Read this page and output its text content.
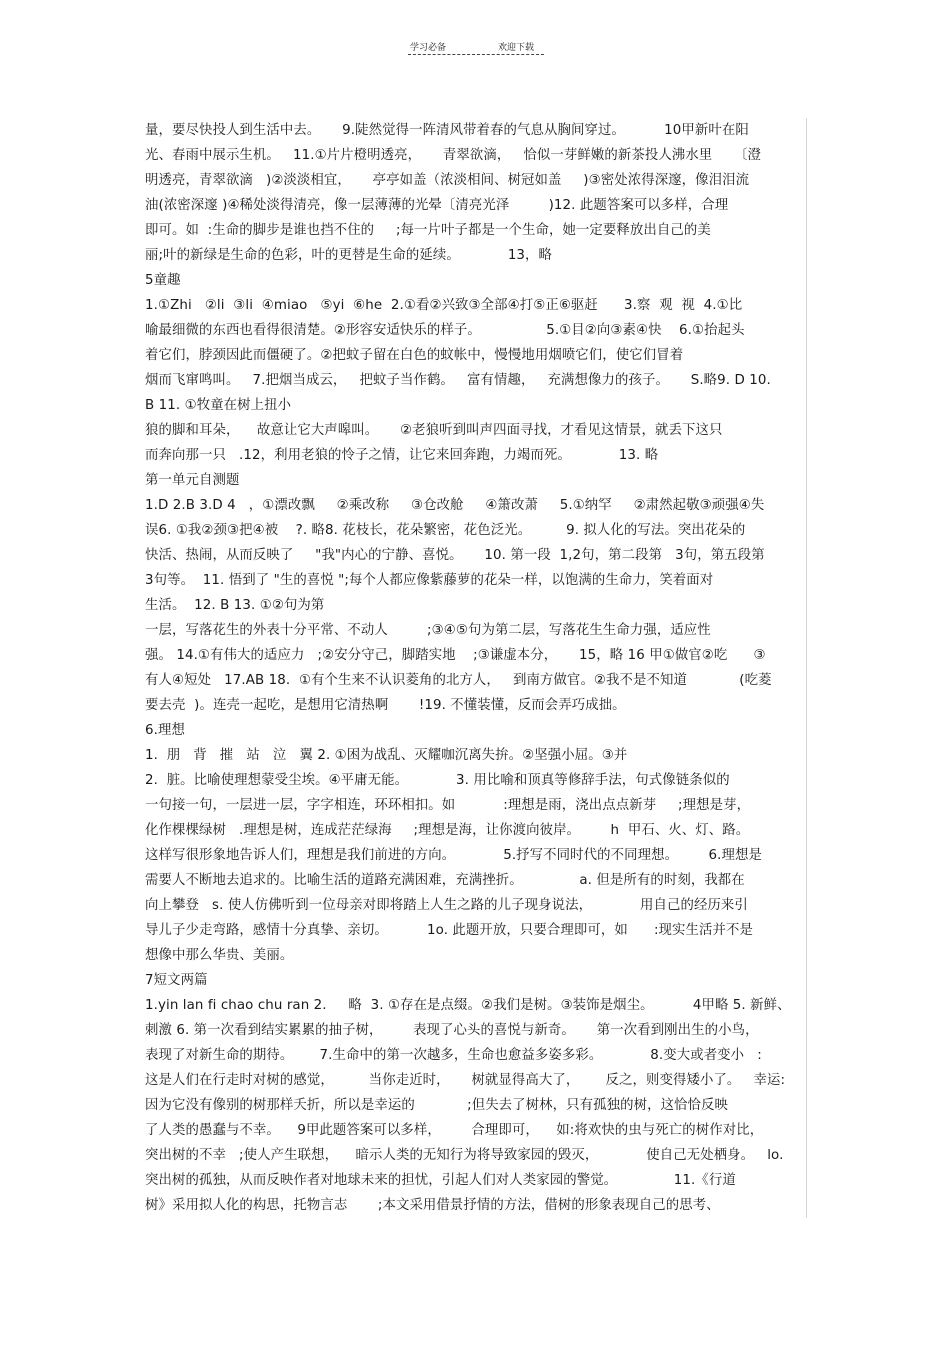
学习必备	欢迎下载
量，要尽快投人到生活中去。     9.陡然觉得一阵清风带着春的气息从胸间穿过。         10甲新叶在阳
光、春雨中展示生机。   11.①片片橙明透亮，     青翠欲滴，   恰似一芽鲜嫩的新茶投人沸水里     〔澄
明透亮，青翠欲滴   )②淡淡相宜，     亭亭如盖（浓淡相间、树冠如盖     )③密处浓得深邃，像泪泪流
油(浓密深邃 )④稀处淡得清亮，像一层薄薄的光晕〔清亮光泽         )12. 此题答案可以多样，合理
即可。如  :生命的脚步是谁也挡不住的     ;每一片叶子都是一个生命，她一定要释放出自己的美
丽;叶的新绿是生命的色彩，叶的更替是生命的延续。           13，略
5童趣
1.①Zhi   ②li  ③li  ④miao   ⑤yi  ⑥he  2.①看②兴致③全部④打⑤正⑥驱赶      3.察  观  视  4.①比
喻最细微的东西也看得很清楚。②形容安适快乐的样子。               5.①目②向③素④快    6.①抬起头
着它们，脖颈因此而僵硬了。②把蚊子留在白色的蚊帐中，慢慢地用烟喷它们，使它们冒着
烟而飞窜鸣叫。   7.把烟当成云，   把蚊子当作鹤。   富有情趣，   充满想像力的孩子。     S.略9. D 10.
B 11. ①牧童在树上扭小
狼的脚和耳朵，    故意让它大声嗥叫。     ②老狼听到叫声四面寻找，才看见这情景，就丢下这只
而奔向那一只   .12，利用老狼的怜子之情，让它来回奔跑，力竭而死。           13. 略
第一单元自测题
1.D 2.B 3.D 4   ，①漂改飘     ②乘改称     ③仓改舱     ④箫改萧     5.①纳罕     ②肃然起敬③顽强④失
误6. ①我②颈③把④被    ?. 略8. 花枝长，花朵繁密，花色泛光。        9. 拟人化的写法。突出花朵的
快活、热闹，从而反映了     "我"内心的宁静、喜悦。     10. 第一段  1,2句，第二段第   3句，第五段第
3句等。  11. 悟到了 "生的喜悦 ";每个人都应像紫藤萝的花朵一样，以饱满的生命力，笑着面对
生活。  12. B 13. ①②句为第
一层，写落花生的外表十分平常、不动人         ;③④⑤句为第二层，写落花生生命力强，适应性
强。 14.①有伟大的适应力   ;②安分守己，脚踏实地    ;③谦虚本分，     15，略 16 甲①做官②吃      ③
有人④短处   17.AB 18.  ①有个生来不认识菱角的北方人，   到南方做官。②我不是不知道            (吃菱
要去壳  )。连壳一起吃，是想用它清热啊       !19. 不懂装懂，反而会弄巧成拙。
6.理想
1.  朋   背   摧   站   泣   翼 2. ①困为战乱、灭耀咖沉离失拚。②坚强小屈。③并
2.  脏。比喻使理想蒙受尘埃。④平庸无能。           3. 用比喻和顶真等修辞手法，句式像链条似的
一句接一句，一层进一层，字字相连，环环相扣。如           :理想是雨，浇出点点新芽     ;理想是芽，
化作棵棵绿树   .理想是树，连成茫茫绿海     ;理想是海，让你渡向彼岸。       h  甲石、火、灯、路。
这样写很形象地告诉人们，理想是我们前进的方向。           5.抒写不同时代的不同理想。       6.理想是
需要人不断地去追求的。比喻生活的道路充满困难，充满挫折。             a. 但是所有的时刻，我都在
向上攀登   s. 使人仿佛听到一位母亲对即将踏上人生之路的儿子现身说法，           用自己的经历来引
导儿子少走弯路，感情十分真挚、亲切。         1o. 此题开放，只要合理即可，如      :现实生活并不是
想像中那么华贵、美丽。
7短文两篇
1.yin lan fi chao chu ran 2.     略  3. ①存在是点缀。②我们是树。③装饰是烟尘。         4甲略 5. 新鲜、
刺激 6. 第一次看到结实累累的抽子树，       表现了心头的喜悦与新奇。     第一次看到刚出生的小鸟，
表现了对新生命的期待。      7.生命中的第一次越多，生命也愈益多姿多彩。           8.变大或者变小   :
这是人们在行走时对树的感觉，        当你走近时，     树就显得高大了，      反之，则变得矮小了。   幸运:
因为它没有像别的树那样夭折，所以是幸运的            ;但失去了树林，只有孤独的树，这恰恰反映
了人类的愚蠢与不幸。    9甲此题答案可以多样，       合理即可，    如:将欢快的虫与死亡的树作对比，
突出树的不幸   ;使人产生联想，    暗示人类的无知行为将导致家园的毁灭，           使自己无处栖身。   lo.
突出树的孤独，从而反映作者对地球未来的担忧，引起人们对人类家园的警觉。             11.《行道
树》采用拟人化的构思，托物言志       ;本文采用借景抒情的方法，借树的形象表现自己的思考、
